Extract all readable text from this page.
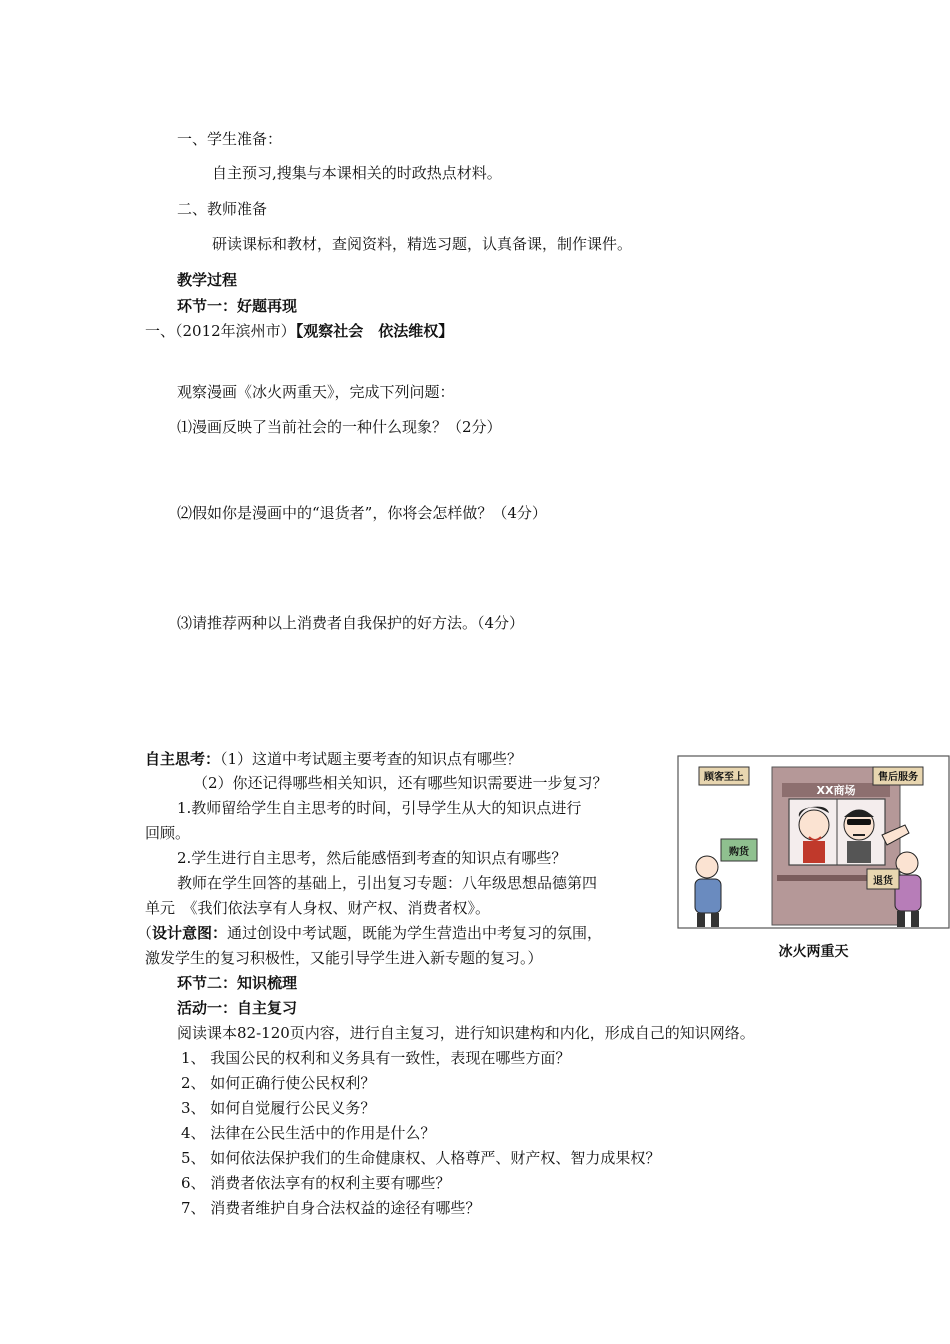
一、学生准备：
自主预习,搜集与本课相关的时政热点材料。
二、教师准备
研读课标和教材，查阅资料，精选习题，认真备课，制作课件。
教学过程
环节一：好题再现
一、（2012年滨州市）【观察社会　依法维权】
观察漫画《冰火两重天》，完成下列问题：
⑴漫画反映了当前社会的一种什么现象？（2分）
⑵假如你是漫画中的“退货者”，你将会怎样做？（4分）
⑶请推荐两种以上消费者自我保护的好方法。（4分）
自主思考：（1）这道中考试题主要考查的知识点有哪些？
（2）你还记得哪些相关知识，还有哪些知识需要进一步复习？
1.教师留给学生自主思考的时间，引导学生从大的知识点进行
回顾。
2.学生进行自主思考，然后能感悟到考查的知识点有哪些？
教师在学生回答的基础上，引出复习专题：八年级思想品德第四
单元　《我们依法享有人身权、财产权、消费者权》。
（设计意图：通过创设中考试题，既能为学生营造出中考复习的氛围，
激发学生的复习积极性，又能引导学生进入新专题的复习。）
顾客至上
XX商场
售后服务
购货
退货
冰火两重天
环节二：知识梳理
活动一：自主复习
阅读课本82-120页内容，进行自主复习，进行知识建构和内化，形成自己的知识网络。
1、 我国公民的权利和义务具有一致性，表现在哪些方面？
2、 如何正确行使公民权利？
3、 如何自觉履行公民义务？
4、 法律在公民生活中的作用是什么？
5、 如何依法保护我们的生命健康权、人格尊严、财产权、智力成果权？
6、 消费者依法享有的权利主要有哪些？
7、 消费者维护自身合法权益的途径有哪些？
